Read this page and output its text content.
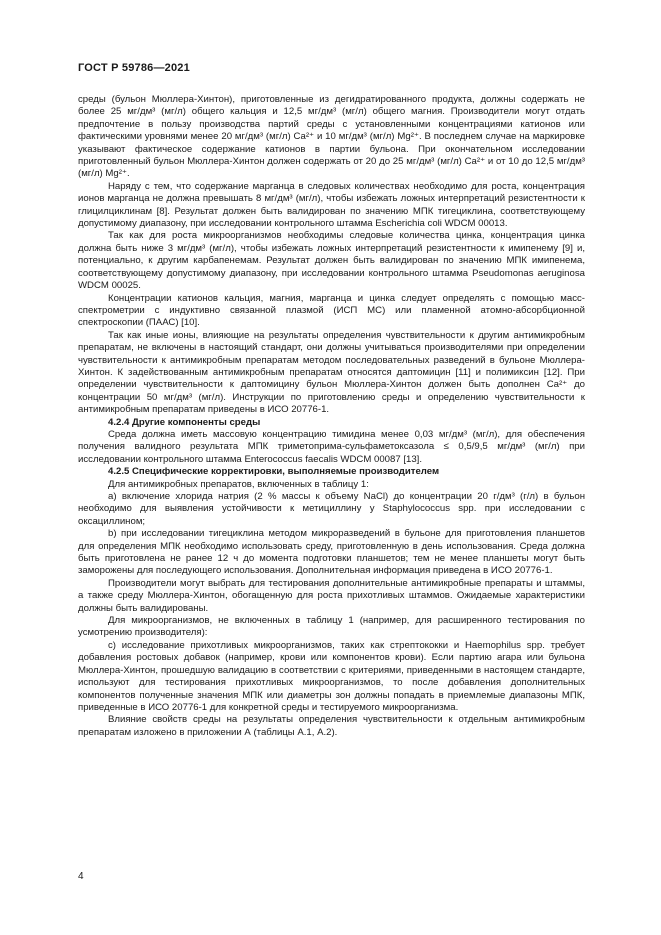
ГОСТ Р 59786—2021

среды (бульон Мюллера-Хинтон), приготовленные из дегидратированного продукта, должны содержать не более 25 мг/дм³ (мг/л) общего кальция и 12,5 мг/дм³ (мг/л) общего магния. Производители могут отдать предпочтение в пользу производства партий среды с установленными концентрациями катионов или фактическими уровнями менее 20 мг/дм³ (мг/л) Ca²⁺ и 10 мг/дм³ (мг/л) Mg²⁺. В последнем случае на маркировке указывают фактическое содержание катионов в партии бульона. При окончательном исследовании приготовленный бульон Мюллера-Хинтон должен содержать от 20 до 25 мг/дм³ (мг/л) Ca²⁺ и от 10 до 12,5 мг/дм³ (мг/л) Mg²⁺.

Наряду с тем, что содержание марганца в следовых количествах необходимо для роста, концентрация ионов марганца не должна превышать 8 мг/дм³ (мг/л), чтобы избежать ложных интерпретаций резистентности к глицилциклинам [8]. Результат должен быть валидирован по значению МПК тигециклина, соответствующему допустимому диапазону, при исследовании контрольного штамма Escherichia coli WDCM 00013.

Так как для роста микроорганизмов необходимы следовые количества цинка, концентрация цинка должна быть ниже 3 мг/дм³ (мг/л), чтобы избежать ложных интерпретаций резистентности к имипенему [9] и, потенциально, к другим карбапенемам. Результат должен быть валидирован по значению МПК имипенема, соответствующему допустимому диапазону, при исследовании контрольного штамма Pseudomonas aeruginosa WDCM 00025.

Концентрации катионов кальция, магния, марганца и цинка следует определять с помощью масс-спектрометрии с индуктивно связанной плазмой (ИСП МС) или пламенной атомно-абсорбционной спектроскопии (ПААС) [10].

Так как иные ионы, влияющие на результаты определения чувствительности к другим антимикробным препаратам, не включены в настоящий стандарт, они должны учитываться производителями при определении чувствительности к антимикробным препаратам методом последовательных разведений в бульоне Мюллера-Хинтон. К задействованным антимикробным препаратам относятся даптомицин [11] и полимиксин [12]. При определении чувствительности к даптомицину бульон Мюллера-Хинтон должен быть дополнен Ca²⁺ до концентрации 50 мг/дм³ (мг/л). Инструкции по приготовлению среды и определению чувствительности к антимикробным препаратам приведены в ИСО 20776-1.

4.2.4 Другие компоненты среды

Среда должна иметь массовую концентрацию тимидина менее 0,03 мг/дм³ (мг/л), для обеспечения получения валидного результата МПК триметоприма-сульфаметоксазола ≤ 0,5/9,5 мг/дм³ (мг/л) при исследовании контрольного штамма Enterococcus faecalis WDCM 00087 [13].

4.2.5 Специфические корректировки, выполняемые производителем

Для антимикробных препаратов, включенных в таблицу 1:

a) включение хлорида натрия (2 % массы к объему NaCl) до концентрации 20 г/дм³ (г/л) в бульон необходимо для выявления устойчивости к метициллину у Staphylococcus spp. при исследовании с оксациллином;

b) при исследовании тигециклина методом микроразведений в бульоне для приготовления планшетов для определения МПК необходимо использовать среду, приготовленную в день использования. Среда должна быть приготовлена не ранее 12 ч до момента подготовки планшетов; тем не менее планшеты могут быть заморожены для последующего использования. Дополнительная информация приведена в ИСО 20776-1.

Производители могут выбрать для тестирования дополнительные антимикробные препараты и штаммы, а также среду Мюллера-Хинтон, обогащенную для роста прихотливых штаммов. Ожидаемые характеристики должны быть валидированы.

Для микроорганизмов, не включенных в таблицу 1 (например, для расширенного тестирования по усмотрению производителя):

c) исследование прихотливых микроорганизмов, таких как стрептококки и Haemophilus spp. требует добавления ростовых добавок (например, крови или компонентов крови). Если партию агара или бульона Мюллера-Хинтон, прошедшую валидацию в соответствии с критериями, приведенными в настоящем стандарте, используют для тестирования прихотливых микроорганизмов, то после добавления дополнительных компонентов полученные значения МПК или диаметры зон должны попадать в приемлемые диапазоны МПК, приведенные в ИСО 20776-1 для конкретной среды и тестируемого микроорганизма.

Влияние свойств среды на результаты определения чувствительности к отдельным антимикробным препаратам изложено в приложении А (таблицы А.1, А.2).

4
